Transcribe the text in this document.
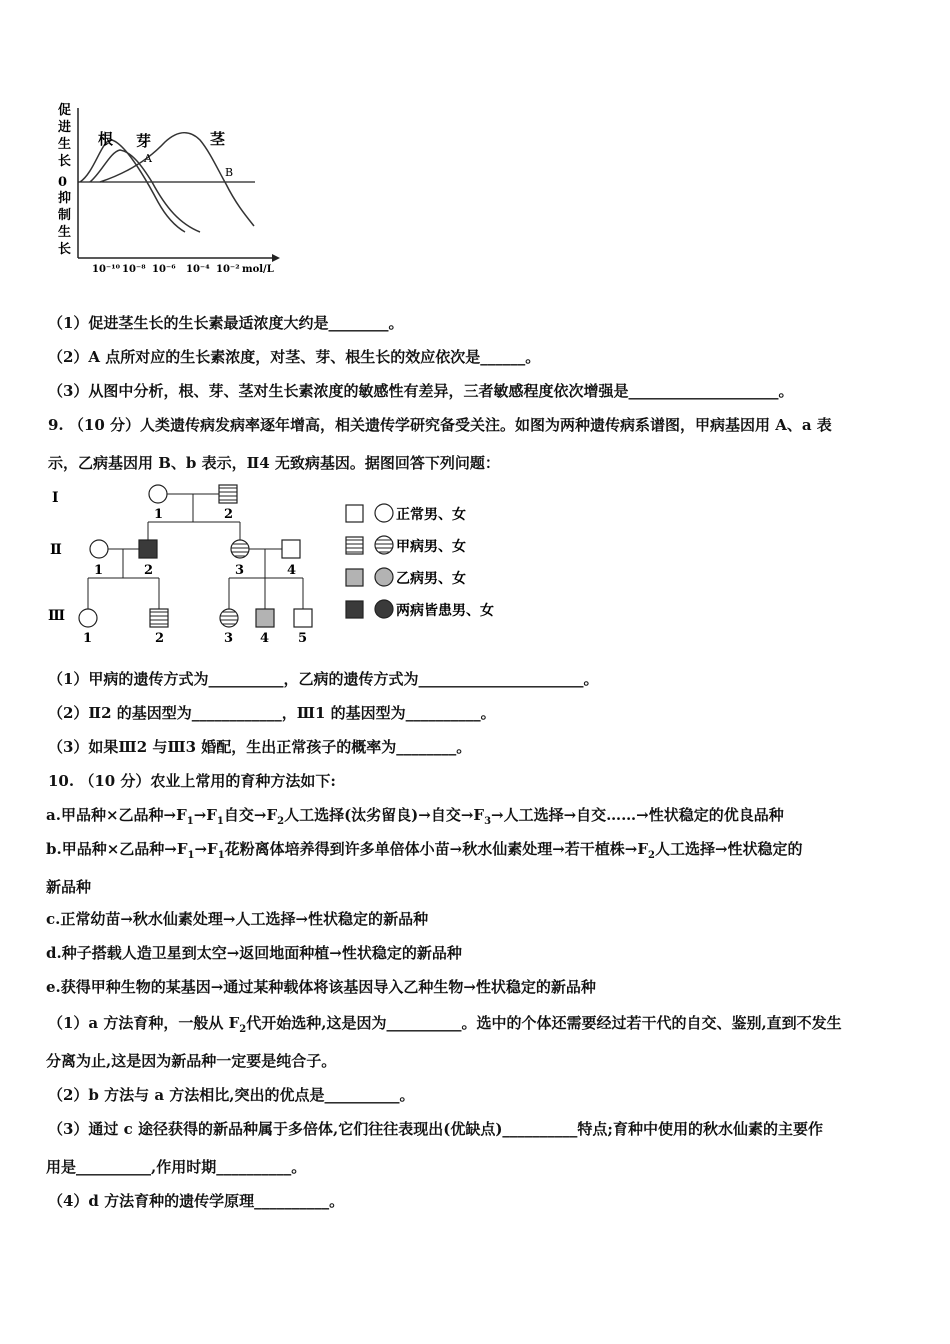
促
进
生
长
0
抑
制
生
长
根 芽	茎
A
B
10⁻¹⁰ 10⁻⁸ 10⁻⁶ 10⁻⁴ 10⁻² mol/L
（1）促进茎生长的生长素最适浓度大约是________。
（2）A 点所对应的生长素浓度，对茎、芽、根生长的效应依次是______。
（3）从图中分析，根、芽、茎对生长素浓度的敏感性有差异，三者敏感程度依次增强是____________________。
9. （10 分）人类遗传病发病率逐年增高，相关遗传学研究备受关注。如图为两种遗传病系谱图，甲病基因用 A、a 表
示，乙病基因用 B、b 表示，Ⅱ4 无致病基因。据图回答下列问题：
Ⅰ
Ⅱ
Ⅲ
1	2
1	2	3	4
1	2	3 4 5
正常男、女
甲病男、女
乙病男、女
两病皆患男、女
（1）甲病的遗传方式为__________，乙病的遗传方式为______________________。
（2）Ⅱ2 的基因型为____________，Ⅲ1 的基因型为__________。
（3）如果Ⅲ2 与Ⅲ3 婚配，生出正常孩子的概率为________。
10. （10 分）农业上常用的育种方法如下:
a.甲品种×乙品种$\to F_1\to F_1$自交$\to F_2$人工选择(汰劣留良)→自交$\to F_3\to$人工选择→自交……→性状稳定的优良品种
b.甲品种×乙品种$\to F_1\to F_1$花粉离体培养得到许多单倍体小苗→秋水仙素处理→若干植株$\to F_2$人工选择→性状稳定的
新品种
c.正常幼苗→秋水仙素处理→人工选择→性状稳定的新品种
d.种子搭载人造卫星到太空→返回地面种植→性状稳定的新品种
e.获得甲种生物的某基因→通过某种载体将该基因导入乙种生物→性状稳定的新品种
（1）a 方法育种，一般从 $F_2$代开始选种,这是因为__________。选中的个体还需要经过若干代的自交、鉴别,直到不发生
分离为止,这是因为新品种一定要是纯合子。
（2）b 方法与 a 方法相比,突出的优点是__________。
（3）通过 c 途径获得的新品种属于多倍体,它们往往表现出(优缺点)__________特点;育种中使用的秋水仙素的主要作
用是__________,作用时期__________。
（4）d 方法育种的遗传学原理__________。
